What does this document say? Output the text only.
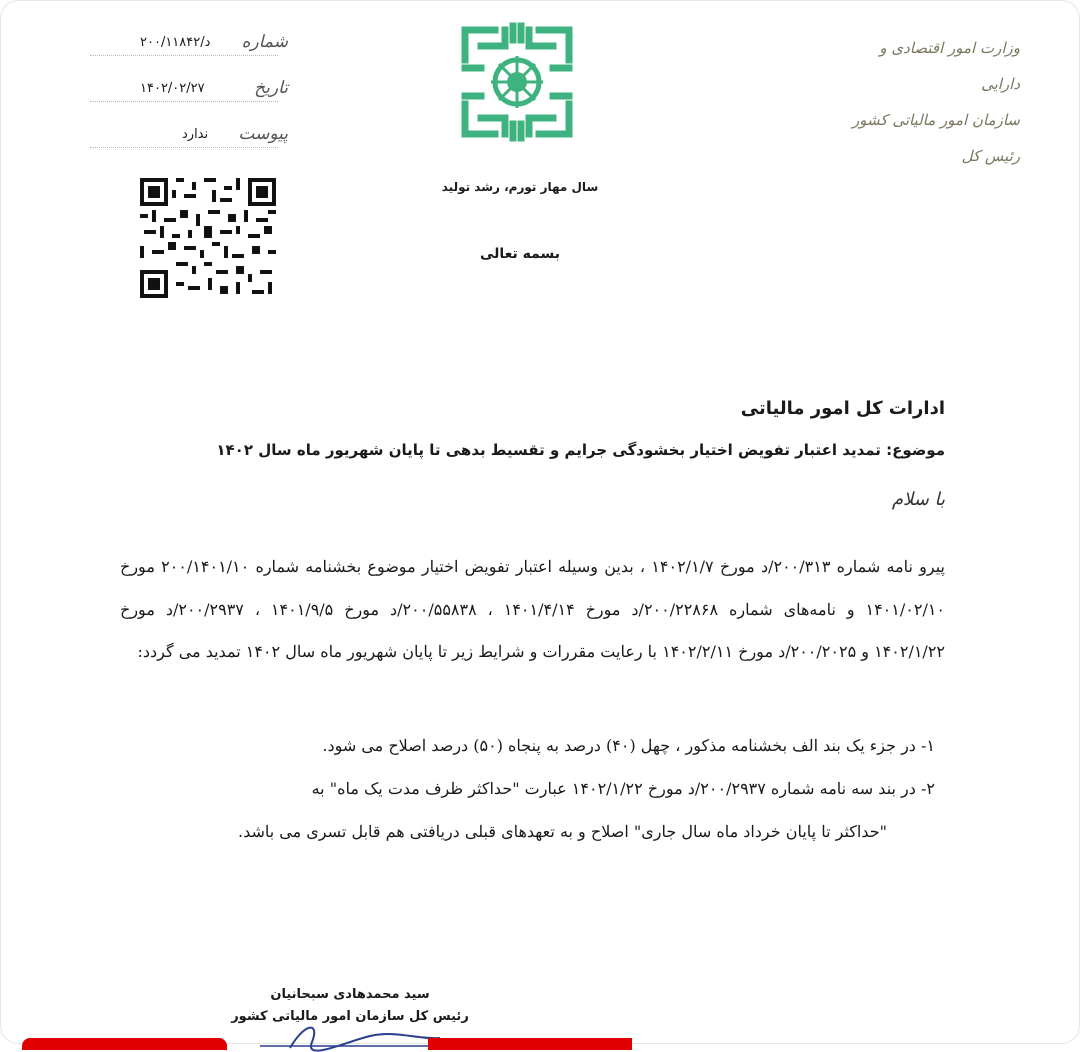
د/۲۰۰/۱۱۸۴۲ شماره
۱۴۰۲/۰۲/۲۷	تاریخ
ندارد پیوست
سال مهار تورم، رشد تولید
بسمه تعالی
وزارت امور اقتصادی و دارایی
سازمان امور مالیاتی کشور
رئیس کل
ادارات کل امور مالیاتی
موضوع: تمدید اعتبار تفویض اختیار بخشودگی جرایم و تقسیط بدهی تا پایان شهریور ماه سال ۱۴۰۲
با سلام
پیرو نامه شماره ۲۰۰/۳۱۳/د مورخ ۱۴۰۲/۱/۷ ، بدین وسیله اعتبار تفویض اختیار موضوع بخشنامه شماره ۲۰۰/۱۴۰۱/۱۰ مورخ ۱۴۰۱/۰۲/۱۰ و نامه‌های شماره ۲۰۰/۲۲۸۶۸/د مورخ ۱۴۰۱/۴/۱۴ ، ۲۰۰/۵۵۸۳۸/د مورخ ۱۴۰۱/۹/۵ ، ۲۰۰/۲۹۳۷/د مورخ ۱۴۰۲/۱/۲۲ و ۲۰۰/۲۰۲۵/د مورخ ۱۴۰۲/۲/۱۱ با رعایت مقررات و شرایط زیر تا پایان شهریور ماه سال ۱۴۰۲ تمدید می گردد:
۱- در جزء یک بند الف بخشنامه مذکور ، چهل (۴۰) درصد به پنجاه (۵۰) درصد اصلاح می شود.
۲- در بند سه نامه شماره ۲۰۰/۲۹۳۷/د مورخ ۱۴۰۲/۱/۲۲ عبارت "حداکثر ظرف مدت یک ماه" به
"حداکثر تا پایان خرداد ماه سال جاری" اصلاح و به تعهدهای قبلی دریافتی هم قابل تسری می باشد.
سید محمدهادی سبحانیان
رئیس کل سازمان امور مالیاتی کشور
